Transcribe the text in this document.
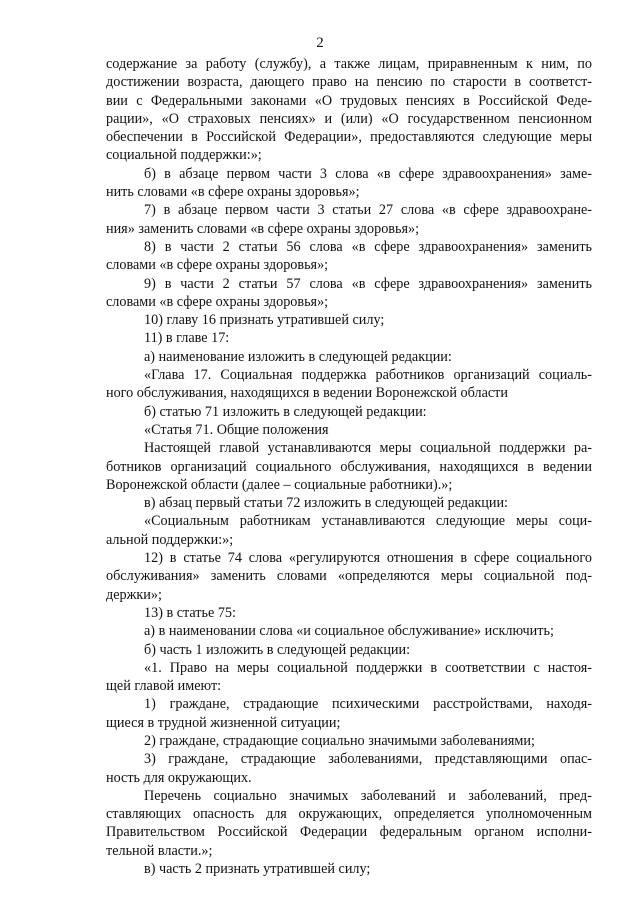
2
содержание за работу (службу), а также лицам, приравненным к ним, по
достижении возраста, дающего право на пенсию по старости в соответст-
вии с Федеральными законами «О трудовых пенсиях в Российской Феде-
рации», «О страховых пенсиях» и (или) «О государственном пенсионном
обеспечении в Российской Федерации», предоставляются следующие меры
социальной поддержки:»;
б) в абзаце первом части 3 слова «в сфере здравоохранения» заме-
нить словами «в сфере охраны здоровья»;
7) в абзаце первом части 3 статьи 27 слова «в сфере здравоохране-
ния» заменить словами «в сфере охраны здоровья»;
8) в части 2 статьи 56 слова «в сфере здравоохранения» заменить
словами «в сфере охраны здоровья»;
9) в части 2 статьи 57 слова «в сфере здравоохранения» заменить
словами «в сфере охраны здоровья»;
10) главу 16 признать утратившей силу;
11) в главе 17:
а) наименование изложить в следующей редакции:
«Глава 17. Социальная поддержка работников организаций социаль-
ного обслуживания, находящихся в ведении Воронежской области
б) статью 71 изложить в следующей редакции:
«Статья 71. Общие положения
Настоящей главой устанавливаются меры социальной поддержки ра-
ботников организаций социального обслуживания, находящихся в ведении
Воронежской области (далее – социальные работники).»;
в) абзац первый статьи 72 изложить в следующей редакции:
«Социальным работникам устанавливаются следующие меры соци-
альной поддержки:»;
12) в статье 74 слова «регулируются отношения в сфере социального
обслуживания» заменить словами «определяются меры социальной под-
держки»;
13) в статье 75:
а) в наименовании слова «и социальное обслуживание» исключить;
б) часть 1 изложить в следующей редакции:
«1. Право на меры социальной поддержки в соответствии с настоя-
щей главой имеют:
1) граждане, страдающие психическими расстройствами, находя-
щиеся в трудной жизненной ситуации;
2) граждане, страдающие социально значимыми заболеваниями;
3) граждане, страдающие заболеваниями, представляющими опас-
ность для окружающих.
Перечень социально значимых заболеваний и заболеваний, пред-
ставляющих опасность для окружающих, определяется уполномоченным
Правительством Российской Федерации федеральным органом исполни-
тельной власти.»;
в) часть 2 признать утратившей силу;
